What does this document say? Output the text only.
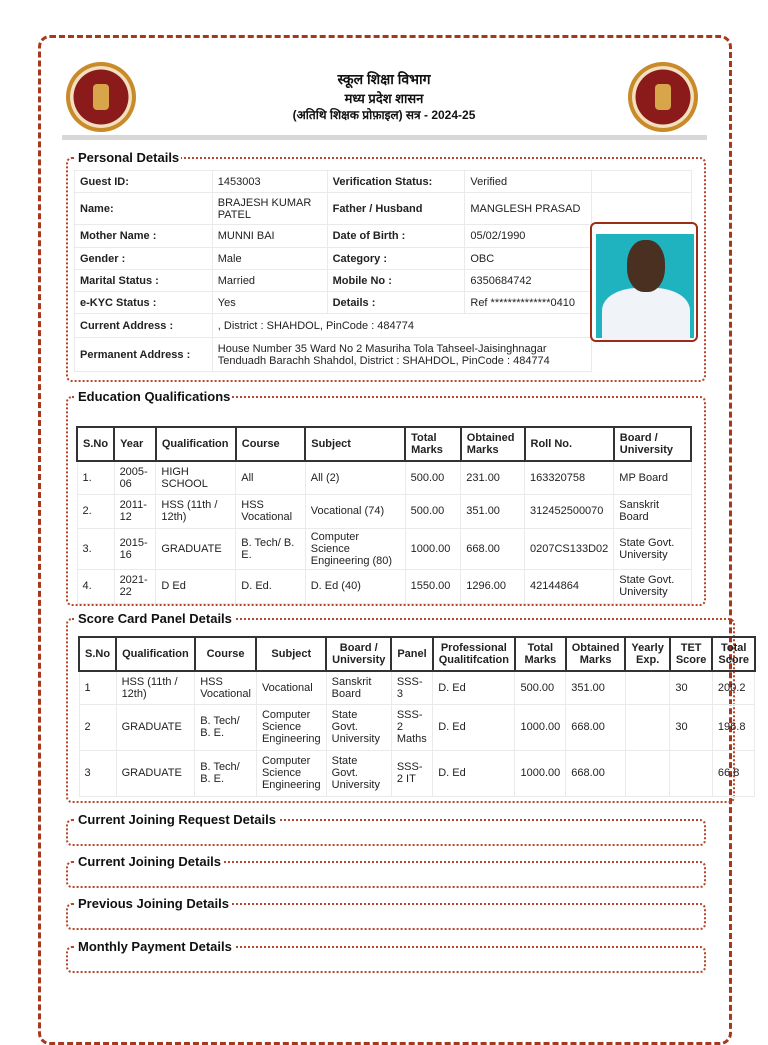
स्कूल शिक्षा विभाग
मध्य प्रदेश शासन
(अतिथि शिक्षक प्रोफ़ाइल) सत्र - 2024-25
Personal Details
Guest ID:	1453003	Verification Status:	Verified	
Name:	BRAJESH KUMAR PATEL	Father / Husband	MANGLESH PRASAD	
Mother Name :	MUNNI BAI	Date of Birth :	05/02/1990	
Gender :	Male	Category :	OBC	
Marital Status :	Married	Mobile No :	6350684742	
e-KYC Status :	Yes	Details :	Ref **************0410	
Current Address :	, District : SHAHDOL, PinCode : 484774			
Permanent Address :	House Number 35 Ward No 2 Masuriha Tola Tahseel-Jaisinghnagar Tenduadh Barachh Shahdol, District : SHAHDOL, PinCode : 484774			
Education Qualifications
S.No	Year	Qualification	Course	Subject	Total Marks	Obtained Marks	Roll No.	Board / University
1.	2005-06	HIGH SCHOOL	All	All (2)	500.00	231.00	163320758	MP Board
2.	2011-12	HSS (11th / 12th)	HSS Vocational	Vocational (74)	500.00	351.00	312452500070	Sanskrit Board
3.	2015-16	GRADUATE	B. Tech/ B. E.	Computer Science Engineering (80)	1000.00	668.00	0207CS133D02	State Govt. University
4.	2021-22	D Ed	D. Ed.	D. Ed (40)	1550.00	1296.00	42144864	State Govt. University
Score Card Panel Details
S.No	Qualification	Course	Subject	Board / University	Panel	Professional Qualitifcation	Total Marks	Obtained Marks	Yearly Exp.	TET Score	Total Score
1	HSS (11th / 12th)	HSS Vocational	Vocational	Sanskrit Board	SSS-3	D. Ed	500.00	351.00		30	200.2
2	GRADUATE	B. Tech/ B. E.	Computer Science Engineering	State Govt. University	SSS-2 Maths	D. Ed	1000.00	668.00		30	196.8
3	GRADUATE	B. Tech/ B. E.	Computer Science Engineering	State Govt. University	SSS-2 IT	D. Ed	1000.00	668.00			66.8
Current Joining Request Details
Current Joining Details
Previous Joining Details
Monthly Payment Details
